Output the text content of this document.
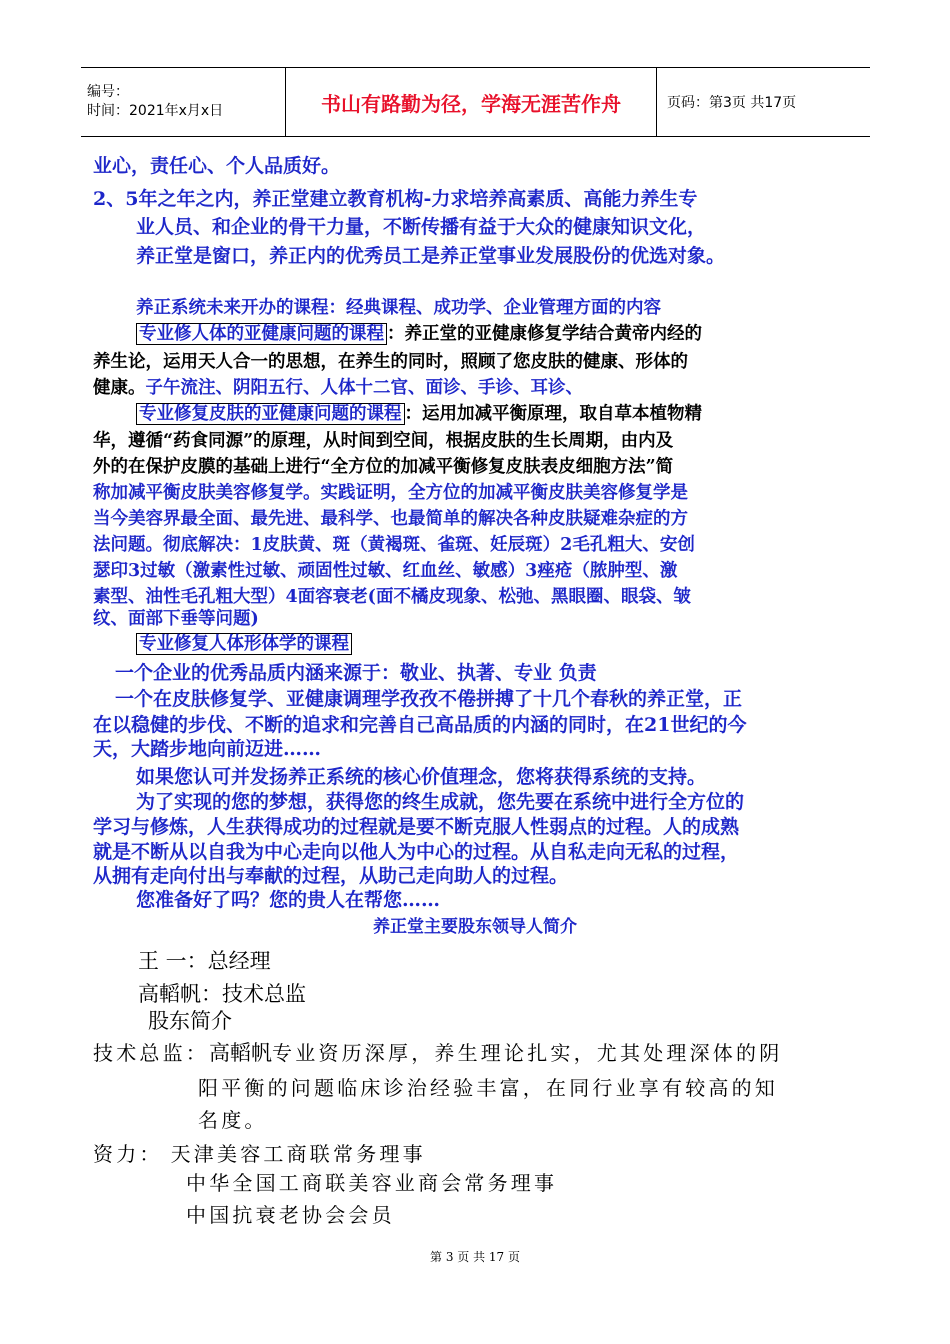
编号：
时间：2021年x月x日	书山有路勤为径，学海无涯苦作舟	页码：第3页 共17页
业心，责任心、个人品质好。
2、5年之年之内，养正堂建立教育机构-力求培养高素质、高能力养生专
业人员、和企业的骨干力量，不断传播有益于大众的健康知识文化，
养正堂是窗口，养正内的优秀员工是养正堂事业发展股份的优选对象。
养正系统未来开办的课程：经典课程、成功学、企业管理方面的内容
专业修人体的亚健康问题的课程 ：养正堂的亚健康修复学结合黄帝内经的
养生论，运用天人合一的思想，在养生的同时，照顾了您皮肤的健康、形体的
健康。子午流注、阴阳五行、人体十二官、面诊、手诊、耳诊、
专业修复皮肤的亚健康问题的课程 ：运用加减平衡原理，取自草本植物精
华，遵循“药食同源”的原理，从时间到空间，根据皮肤的生长周期，由内及
外的在保护皮膜的基础上进行“全方位的加减平衡修复皮肤表皮细胞方法”简
称加减平衡皮肤美容修复学。实践证明，全方位的加减平衡皮肤美容修复学是
当今美容界最全面、最先进、最科学、也最简单的解决各种皮肤疑难杂症的方
法问题。彻底解决：1皮肤黄、斑（黄褐斑、雀斑、妊辰斑）2毛孔粗大、安创
瑟印3过敏（激素性过敏、顽固性过敏、红血丝、敏感）3痤疮（脓肿型、激
素型、油性毛孔粗大型）4面容衰老(面不橘皮现象、松弛、黑眼圈、眼袋、皱
纹、面部下垂等问题)
专业修复人体形体学的课程
一个企业的优秀品质内涵来源于：敬业、执著、专业 负责
一个在皮肤修复学、亚健康调理学孜孜不倦拼搏了十几个春秋的养正堂，正
在以稳健的步伐、不断的追求和完善自己高品质的内涵的同时，在21世纪的今
天，大踏步地向前迈进……
如果您认可并发扬养正系统的核心价值理念，您将获得系统的支持。
为了实现的您的梦想，获得您的终生成就，您先要在系统中进行全方位的
学习与修炼，人生获得成功的过程就是要不断克服人性弱点的过程。人的成熟
就是不断从以自我为中心走向以他人为中心的过程。从自私走向无私的过程，
从拥有走向付出与奉献的过程，从助己走向助人的过程。
您准备好了吗？您的贵人在帮您……
养正堂主要股东领导人简介
王 一：总经理
高轁帆：技术总监
股东简介
技术总监：高轁帆专业资历深厚，养生理论扎实，尤其处理深体的阴
阳平衡的问题临床诊治经验丰富，在同行业享有较高的知
名度。
资力： 天津美容工商联常务理事
中华全国工商联美容业商会常务理事
中国抗衰老协会会员
第 3 页 共 17 页
